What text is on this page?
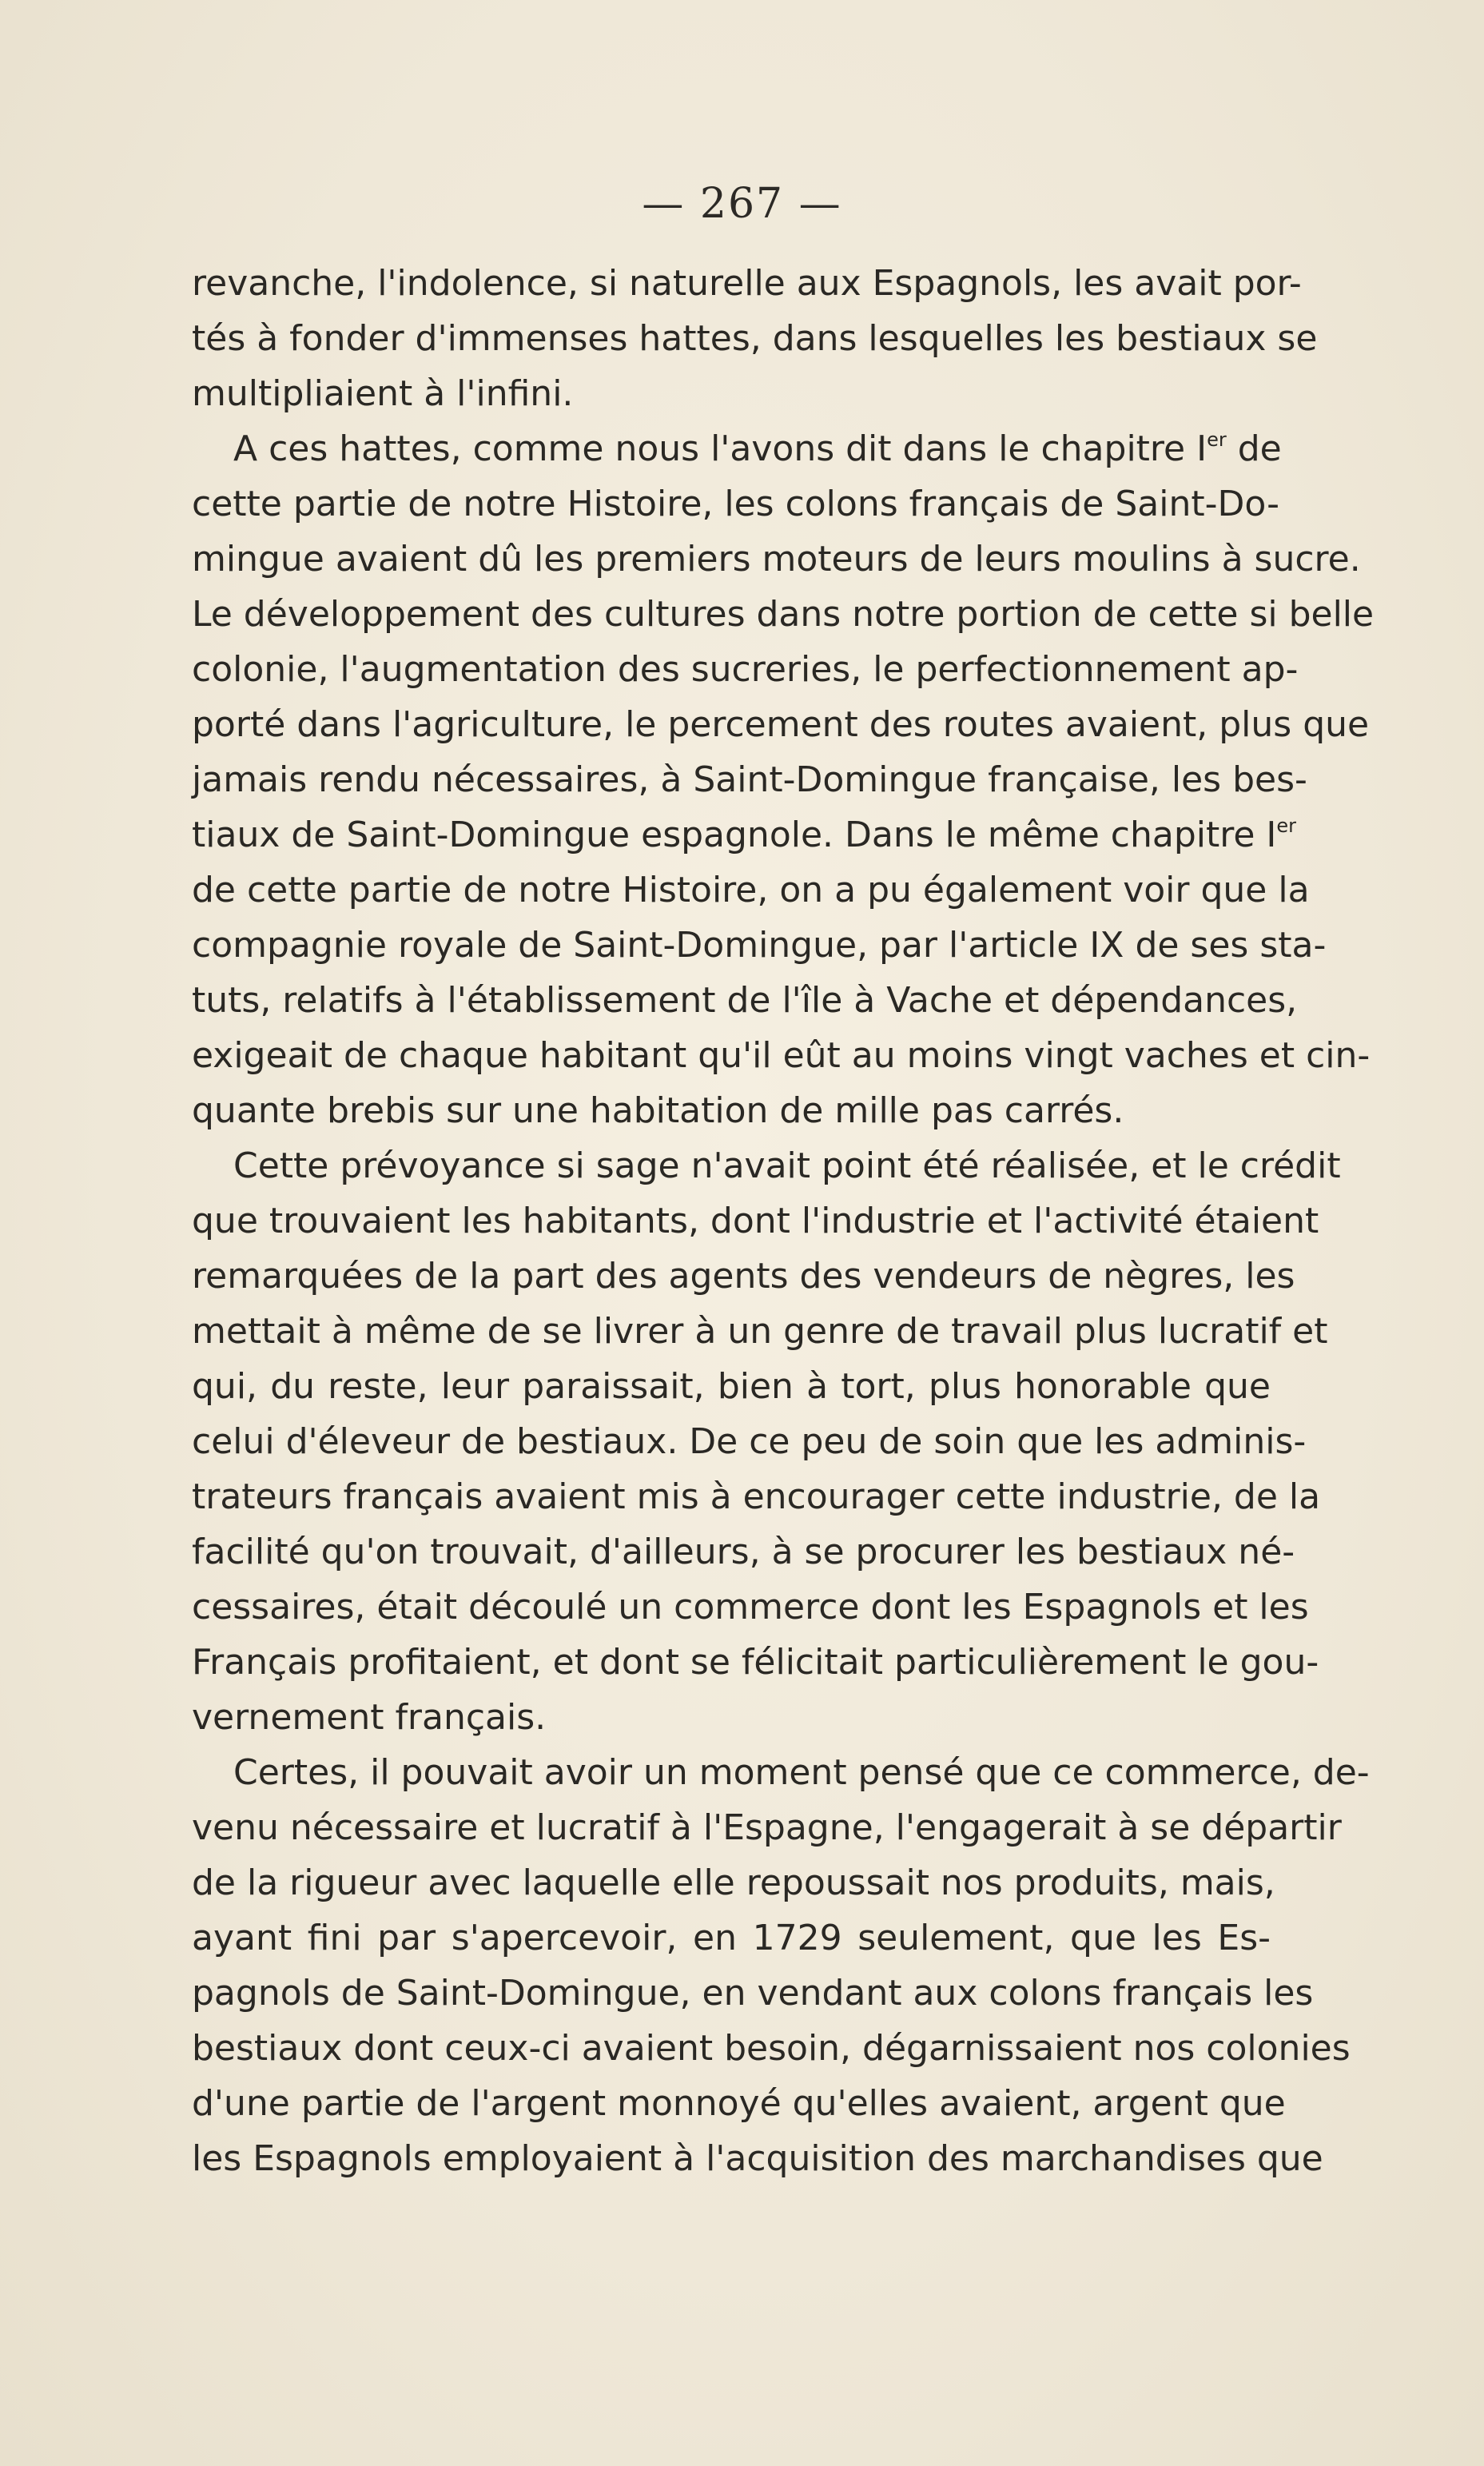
— 267 —
revanche, l'indolence, si naturelle aux Espagnols, les avait por-
tés à fonder d'immenses hattes, dans lesquelles les bestiaux se
multipliaient à l'infini.
A ces hattes, comme nous l'avons dit dans le chapitre Ier de
cette partie de notre Histoire, les colons français de Saint-Do-
mingue avaient dû les premiers moteurs de leurs moulins à sucre.
Le développement des cultures dans notre portion de cette si belle
colonie, l'augmentation des sucreries, le perfectionnement ap-
porté dans l'agriculture, le percement des routes avaient, plus que
jamais rendu nécessaires, à Saint-Domingue française, les bes-
tiaux de Saint-Domingue espagnole. Dans le même chapitre Ier
de cette partie de notre Histoire, on a pu également voir que la
compagnie royale de Saint-Domingue, par l'article IX de ses sta-
tuts, relatifs à l'établissement de l'île à Vache et dépendances,
exigeait de chaque habitant qu'il eût au moins vingt vaches et cin-
quante brebis sur une habitation de mille pas carrés.
Cette prévoyance si sage n'avait point été réalisée, et le crédit
que trouvaient les habitants, dont l'industrie et l'activité étaient
remarquées de la part des agents des vendeurs de nègres, les
mettait à même de se livrer à un genre de travail plus lucratif et
qui, du reste, leur paraissait, bien à tort, plus honorable que
celui d'éleveur de bestiaux. De ce peu de soin que les adminis-
trateurs français avaient mis à encourager cette industrie, de la
facilité qu'on trouvait, d'ailleurs, à se procurer les bestiaux né-
cessaires, était découlé un commerce dont les Espagnols et les
Français profitaient, et dont se félicitait particulièrement le gou-
vernement français.
Certes, il pouvait avoir un moment pensé que ce commerce, de-
venu nécessaire et lucratif à l'Espagne, l'engagerait à se départir
de la rigueur avec laquelle elle repoussait nos produits, mais,
ayant fini par s'apercevoir, en 1729 seulement, que les Es-
pagnols de Saint-Domingue, en vendant aux colons français les
bestiaux dont ceux-ci avaient besoin, dégarnissaient nos colonies
d'une partie de l'argent monnoyé qu'elles avaient, argent que
les Espagnols employaient à l'acquisition des marchandises que
